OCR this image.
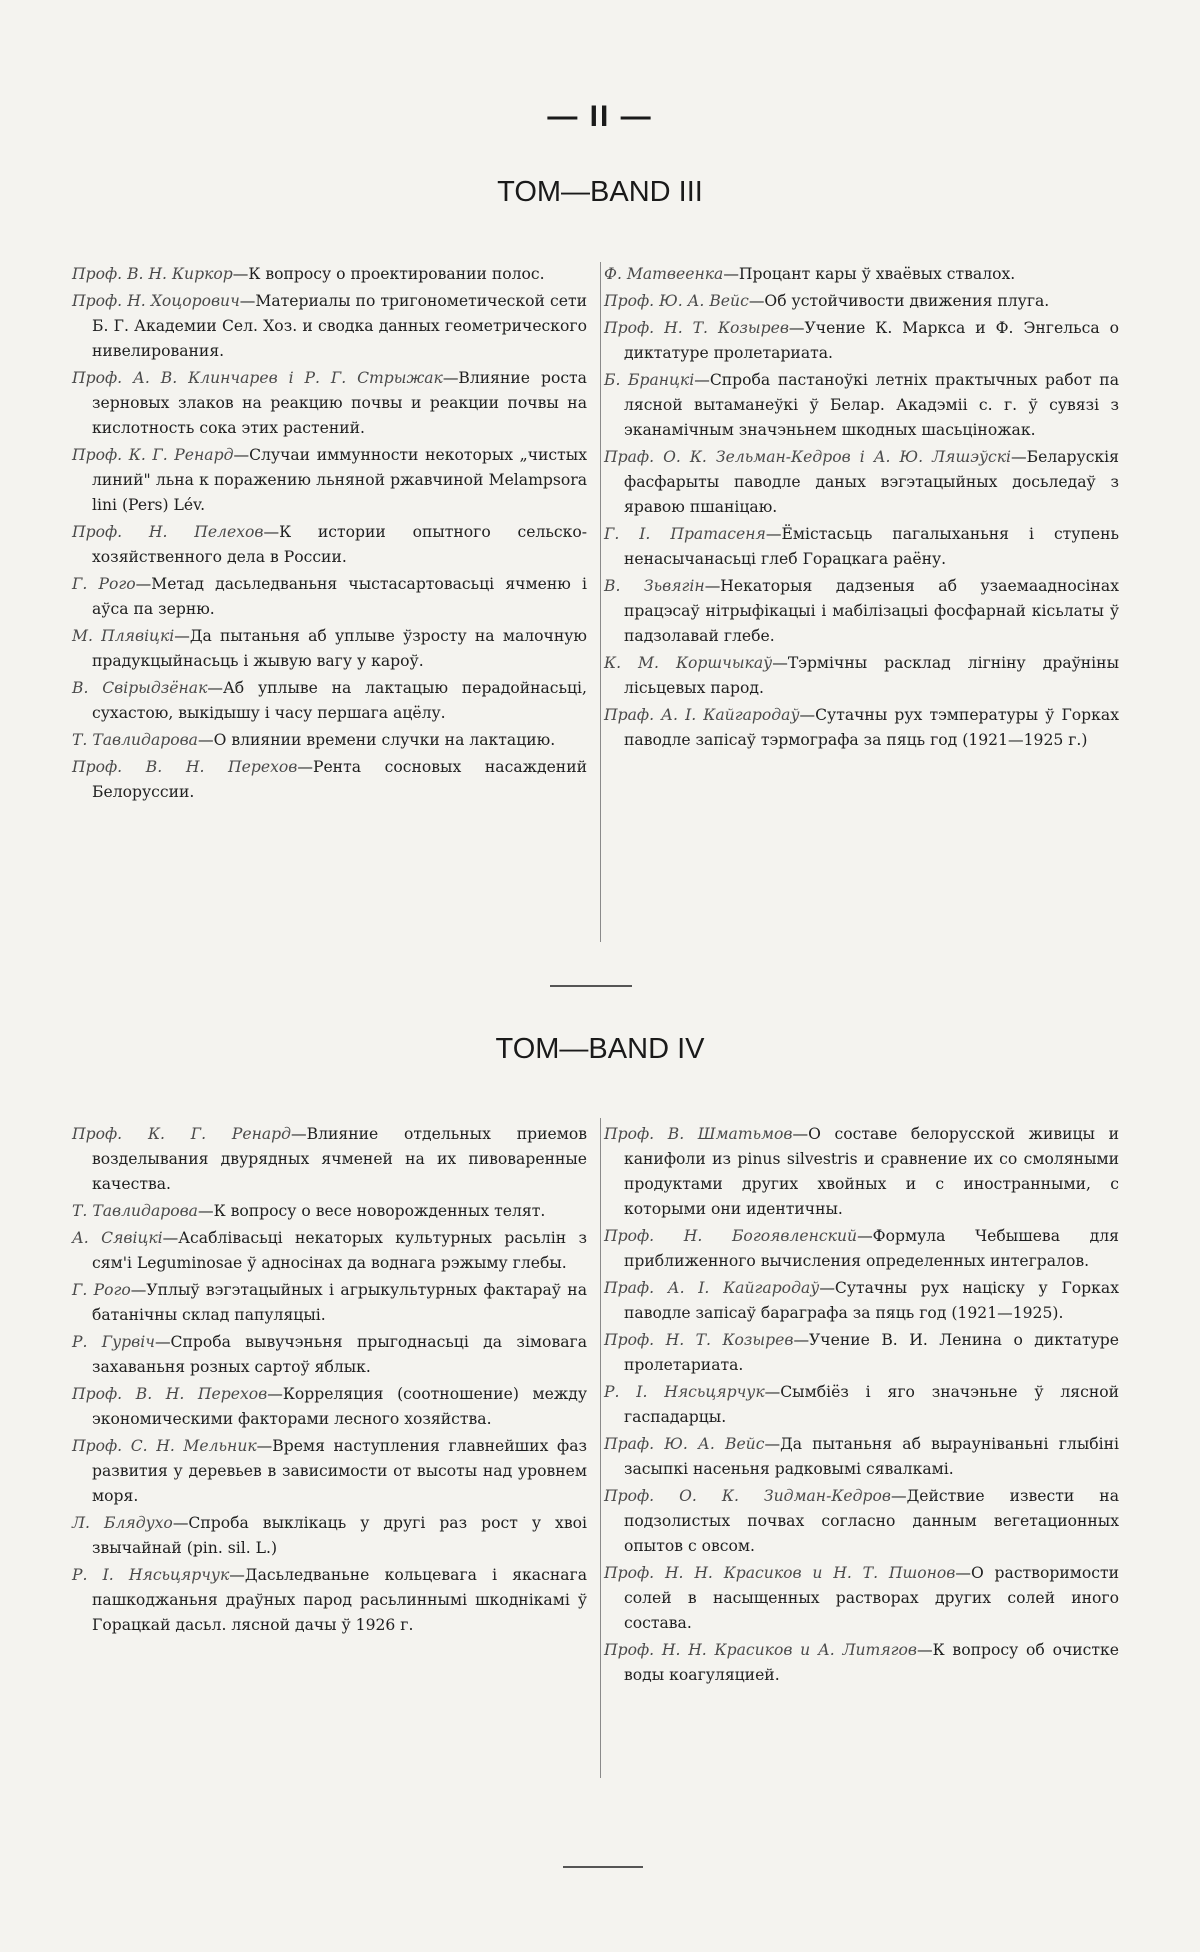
— II —
TOM—BAND III

Проф. В. Н. Киркор—К вопросу о проектировании полос.

Проф. Н. Хоцорович—Материалы по тригонометической сети Б. Г. Академии Сел. Хоз. и сводка данных геометрического нивелирования.

Проф. А. В. Клинчарев і Р. Г. Стрыжак—Влияние роста зерновых злаков на реакцию почвы и реакции почвы на кислотность сока этих растений.

Проф. К. Г. Ренард—Случаи иммунности некоторых „чистых линий" льна к поражению льняной ржавчиной Melampsora lini (Pers) Lév.

Проф. Н. Пелехов—К истории опытного сельско-хозяйственного дела в России.

Г. Рого—Метад дасьледваньня чыстасартовасьці ячменю і аўса па зерню.

М. Плявіцкі—Да пытаньня аб уплыве ўзросту на малочную прадукцыйнасьць і жывую вагу у кароў.

В. Свірыдзёнак—Аб уплыве на лактацыю перадойнасьці, сухастою, выкідышу і часу першага ацёлу.

Т. Тавлидарова—О влиянии времени случки на лактацию.

Проф. В. Н. Перехов—Рента сосновых насаждений Белоруссии.

Ф. Матвеенка—Процант кары ў хваёвых ствалох.

Проф. Ю. А. Вейс—Об устойчивости движения плуга.

Проф. Н. Т. Козырев—Учение К. Маркса и Ф. Энгельса о диктатуре пролетариата.

Б. Бранцкі—Спроба пастаноўкі летніх практычных работ па лясной вытаманеўкі ў Белар. Акадэміі с. г. ў сувязі з эканамічным значэньнем шкодных шасьціножак.

Праф. О. К. Зельман-Кедров і А. Ю. Ляшэўскі—Беларускія фасфарыты паводле даных вэгэтацыйных досьледаў з яравою пшаніцаю.

Г. І. Пратасеня—Ёмістасьць пагалыханьня і ступень ненасычанасьці глеб Горацкага раёну.

В. Зьвягін—Некаторыя дадзеныя аб узаемаадносінах працэсаў нітрыфікацыі і мабілізацыі фосфарнай кісьлаты ў падзолавай глебе.

К. М. Коршчыкаў—Тэрмічны расклад лігніну драўніны лісьцевых парод.

Праф. А. І. Кайгародаў—Сутачны рух тэмпературы ў Горках паводле запісаў тэрмографа за пяць год (1921—1925 г.)

TOM—BAND IV

Проф. К. Г. Ренард—Влияние отдельных приемов возделывания двурядных ячменей на их пивоваренные качества.

Т. Тавлидарова—К вопросу о весе новорожденных телят.

А. Сявіцкі—Асаблівасьці некаторых культурных расьлін з сям'і Leguminosae ў адносінах да воднага рэжыму глебы.

Г. Рого—Уплыў вэгэтацыйных і агрыкультурных фактараў на батанічны склад папуляцыі.

Р. Гурвіч—Спроба вывучэньня прыгоднасьці да зімовага захаваньня розных сартоў яблык.

Проф. В. Н. Перехов—Корреляция (соотношение) между экономическими факторами лесного хозяйства.

Проф. С. Н. Мельник—Время наступления главнейших фаз развития у деревьев в зависимости от высоты над уровнем моря.

Л. Блядухо—Спроба выклікаць у другі раз рост у хвоі звычайнай (pin. sil. L.)

Р. І. Нясьцярчук—Дасьледваньне кольцевага і якаснага пашкоджаньня драўных парод расьлиннымі шкоднікамі ў Горацкай дасьл. лясной дачы ў 1926 г.

Проф. В. Шматьмов—О составе белорусской живицы и канифоли из pinus silvestris и сравнение их со смоляными продуктами других хвойных и с иностранными, с которыми они идентичны.

Проф. Н. Богоявленский—Формула Чебышева для приближенного вычисления определенных интегралов.

Праф. А. І. Кайгародаў—Сутачны рух націску у Горках паводле запісаў бараграфа за пяць год (1921—1925).

Проф. Н. Т. Козырев—Учение В. И. Ленина о диктатуре пролетариата.

Р. І. Нясьцярчук—Сымбіёз і яго значэньне ў лясной гаспадарцы.

Праф. Ю. А. Вейс—Да пытаньня аб вырауніваньні глыбіні засыпкі насеньня радковымі сявалкамі.

Проф. О. К. Зидман-Кедров—Действие извести на подзолистых почвах согласно данным вегетационных опытов с овсом.

Проф. Н. Н. Красиков и Н. Т. Пшонов—О растворимости солей в насыщенных растворах других солей иного состава.

Проф. Н. Н. Красиков и А. Литягов—К вопросу об очистке воды коагуляцией.
